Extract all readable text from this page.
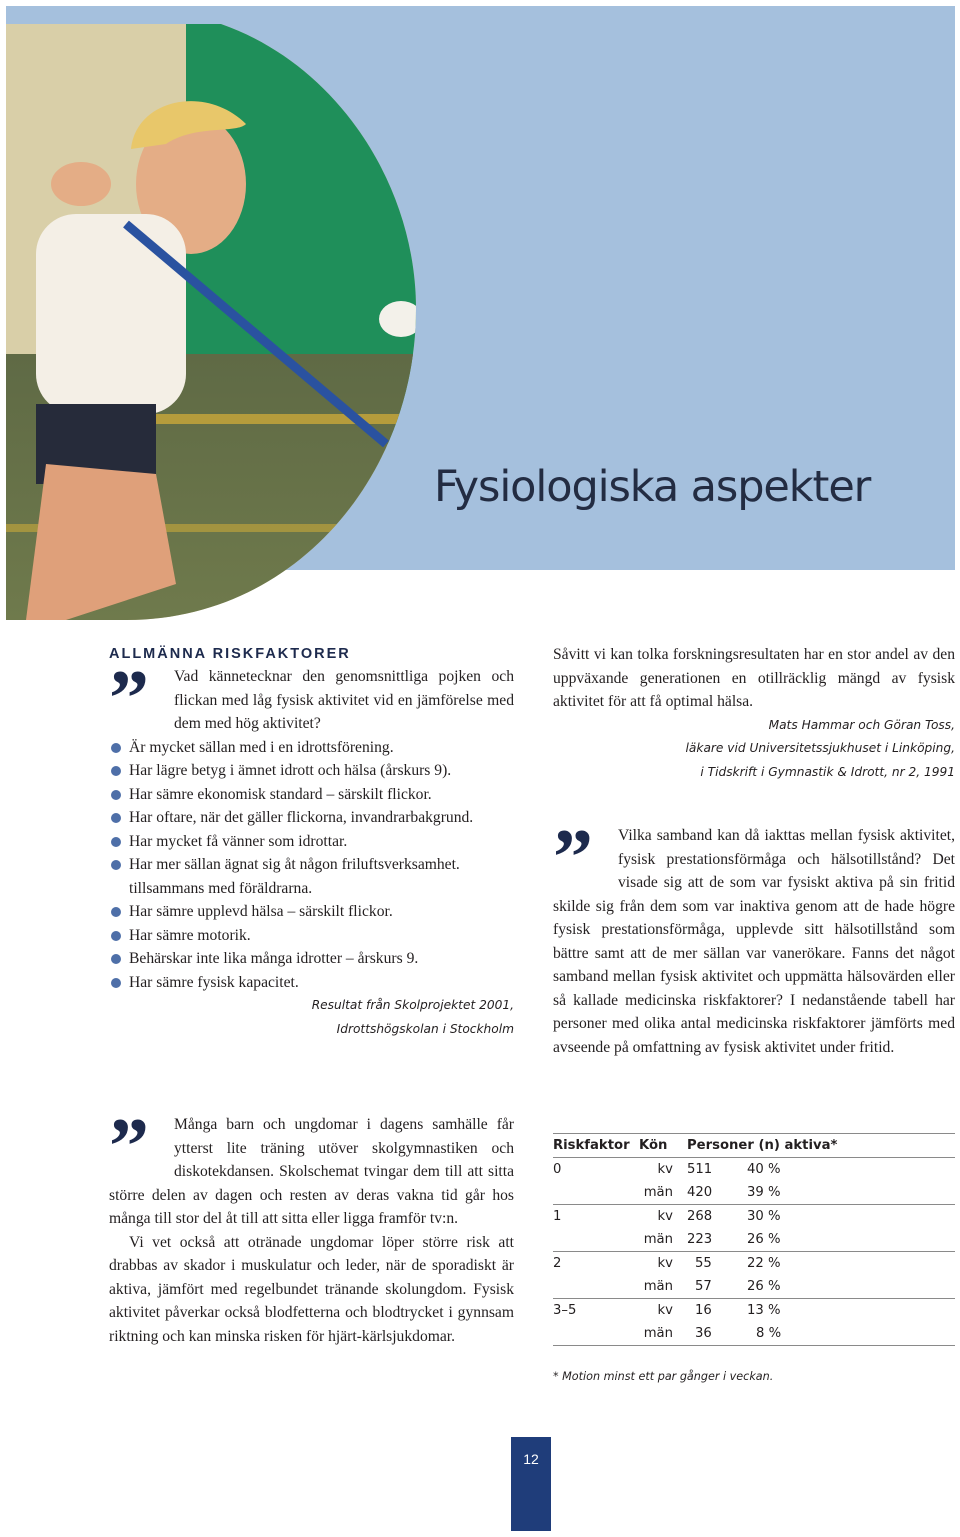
Fysiologiska aspekter
ALLMÄNNA RISKFAKTORER
”	Vad kännetecknar den genomsnittliga pojken och flickan med låg fysisk aktivitet vid en jämförelse med dem med hög aktivitet?
Är mycket sällan med i en idrottsförening.
Har lägre betyg i ämnet idrott och hälsa (årskurs 9).
Har sämre ekonomisk standard – särskilt flickor.
Har oftare, när det gäller flickorna, invandrarbakgrund.
Har mycket få vänner som idrottar.
Har mer sällan ägnat sig åt någon friluftsverksamhet. tillsammans med föräldrarna.
Har sämre upplevd hälsa – särskilt flickor.
Har sämre motorik.
Behärskar inte lika många idrotter – årskurs 9.
Har sämre fysisk kapacitet.
Resultat från Skolprojektet 2001,
Idrottshögskolan i Stockholm
Såvitt vi kan tolka forskningsresultaten har en stor andel av den uppväxande generationen en otillräcklig mängd av fysisk aktivitet för att få optimal hälsa.
Mats Hammar och Göran Toss,
läkare vid Universitetssjukhuset i Linköping,
i Tidskrift i Gymnastik & Idrott, nr 2, 1991
”	Vilka samband kan då iakttas mellan fysisk aktivitet, fysisk prestationsförmåga och hälsotillstånd? Det visade sig att de som var fysiskt aktiva på sin fritid skilde sig från dem som var inaktiva genom att de hade högre fysisk prestationsförmåga, upplevde sitt hälsotillstånd som bättre samt att de mer sällan var vanerökare. Fanns det något samband mellan fysisk aktivitet och uppmätta hälsovärden eller så kallade medicinska riskfaktorer? I nedanstående tabell har personer med olika antal medicinska riskfaktorer jämförts med avseende på omfattning av fysisk aktivitet under fritid.
”	Många barn och ungdomar i dagens samhälle får ytterst lite träning utöver skolgymnastiken och diskotekdansen. Skolschemat tvingar dem till att sitta större delen av dagen och resten av deras vakna tid går hos många till stor del åt till att sitta eller ligga framför tv:n.
Vi vet också att otränade ungdomar löper större risk att drabbas av skador i muskulatur och leder, när de sporadiskt är aktiva, jämfört med regelbundet tränande skolungdom. Fysisk aktivitet påverkar också blodfetterna och blodtrycket i gynnsam riktning och kan minska risken för hjärt-kärlsjukdomar.
Riskfaktor	Kön	Personer (n) aktiva*	
0	kv	511	40 %
	män	420	39 %
1	kv	268	30 %
	män	223	26 %
2	kv	55	22 %
	män	57	26 %
3–5	kv	16	13 %
	män	36	8 %
* Motion minst ett par gånger i veckan.
12
